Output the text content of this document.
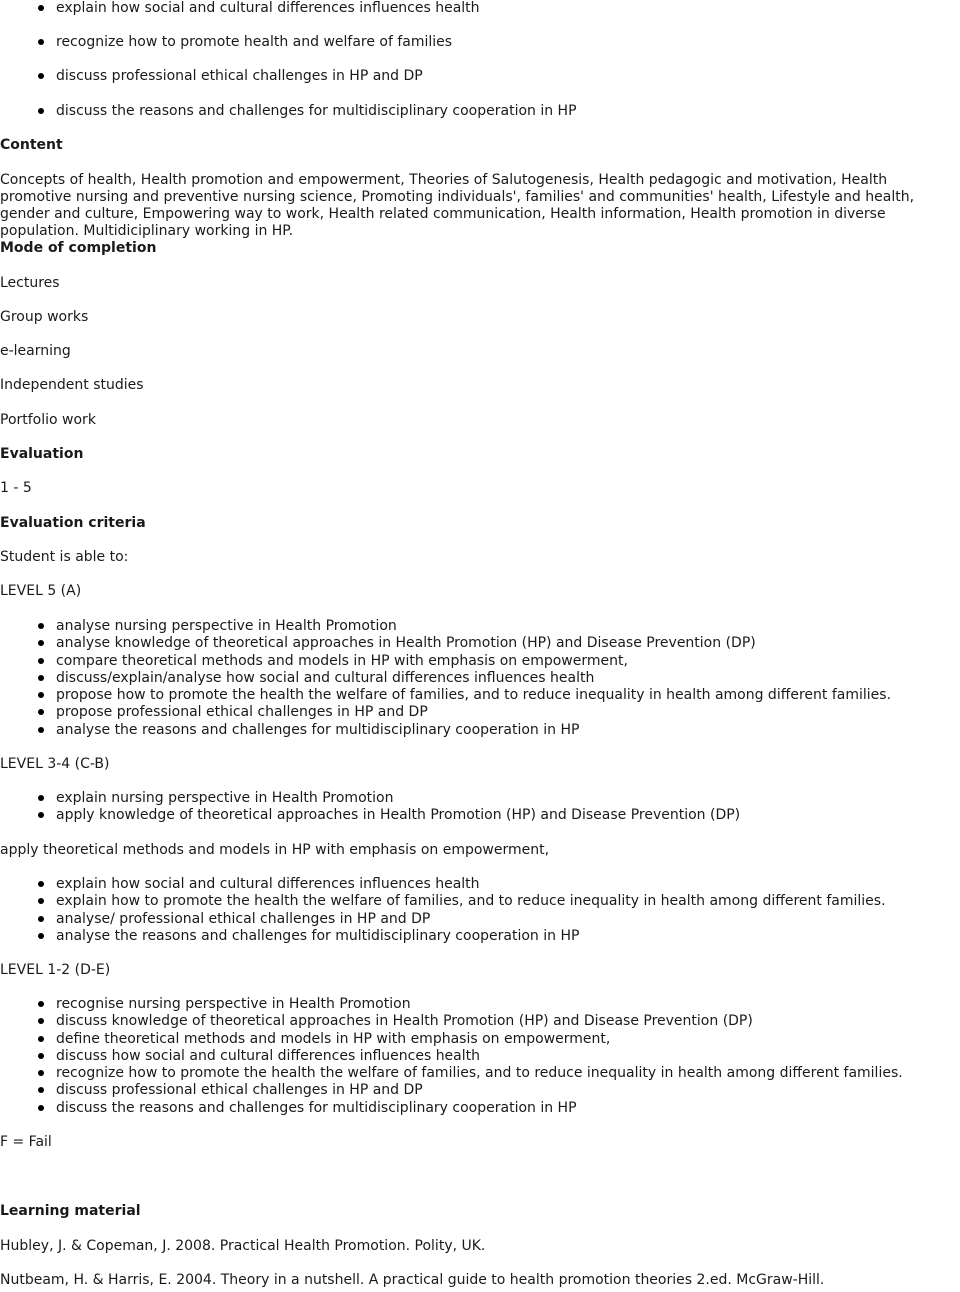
explain how social and cultural differences influences health
recognize how to promote health and welfare of families
discuss professional ethical challenges in HP and DP
discuss the reasons and challenges for multidisciplinary cooperation in HP
Content
Concepts of health, Health promotion and empowerment, Theories of Salutogenesis, Health pedagogic and motivation, Health promotive nursing and preventive nursing science, Promoting individuals', families' and communities' health, Lifestyle and health, gender and culture, Empowering way to work, Health related communication, Health information, Health promotion in diverse population. Multidiciplinary working in HP.
Mode of completion
Lectures
Group works
e-learning
Independent studies
Portfolio work
Evaluation
1 - 5
Evaluation criteria
Student is able to:
LEVEL 5 (A)
analyse nursing perspective in Health Promotion
analyse knowledge of theoretical approaches in Health Promotion (HP) and Disease Prevention (DP)
compare theoretical methods and models in HP with emphasis on empowerment,
discuss/explain/analyse how social and cultural differences influences health
propose how to promote the health the welfare of families, and to reduce inequality in health among different families.
propose professional ethical challenges in HP and DP
analyse the reasons and challenges for multidisciplinary cooperation in HP
LEVEL 3-4 (C-B)
explain nursing perspective in Health Promotion
apply knowledge of theoretical approaches in Health Promotion (HP) and Disease Prevention (DP)
apply theoretical methods and models in HP with emphasis on empowerment,
explain how social and cultural differences influences health
explain how to promote the health the welfare of families, and to reduce inequality in health among different families.
analyse/ professional ethical challenges in HP and DP
analyse the reasons and challenges for multidisciplinary cooperation in HP
LEVEL 1-2 (D-E)
recognise nursing perspective in Health Promotion
discuss knowledge of theoretical approaches in Health Promotion (HP) and Disease Prevention (DP)
define theoretical methods and models in HP with emphasis on empowerment,
discuss how social and cultural differences influences health
recognize how to promote the health the welfare of families, and to reduce inequality in health among different families.
discuss professional ethical challenges in HP and DP
discuss the reasons and challenges for multidisciplinary cooperation in HP
F = Fail
Learning material
Hubley, J. & Copeman, J. 2008. Practical Health Promotion. Polity, UK.
Nutbeam, H. & Harris, E. 2004. Theory in a nutshell. A practical guide to health promotion theories 2.ed. McGraw-Hill.
